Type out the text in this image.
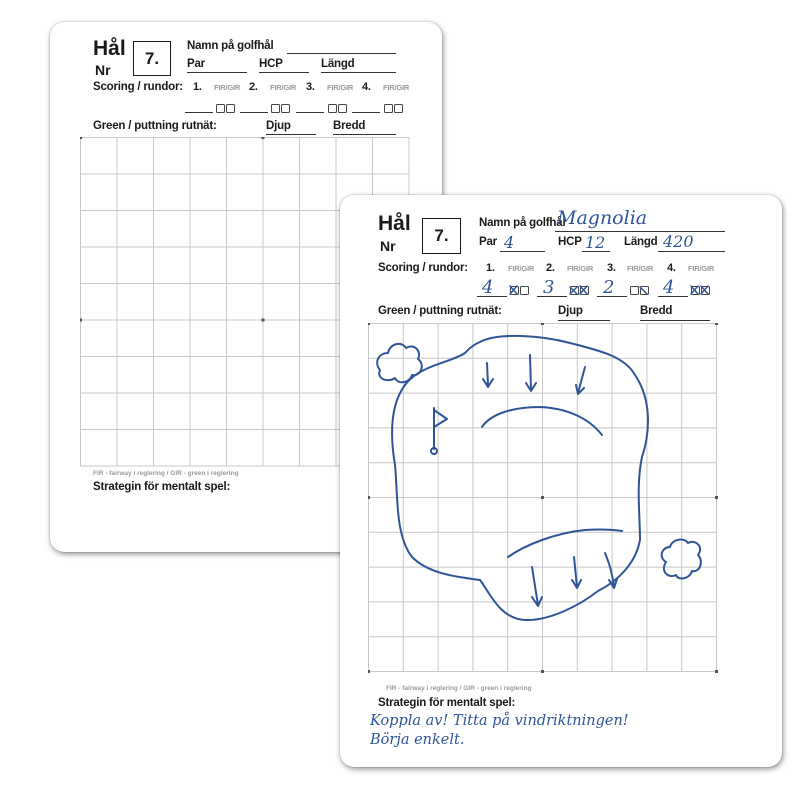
Hål
Nr
7.
Namn på golfhål
Par	HCP	Längd
Scoring / rundor: 1. FIR/GIR 2. FIR/GIR 3. FIR/GIR 4. FIR/GIR
Green / puttning rutnät:	Djup	Bredd
FIR - fairway i reglering / GIR - green i reglering
Strategin för mentalt spel:
Hål
Nr
7.
Namn på golfhål
Magnolia
Par 4	HCP 12 Längd 420
Scoring / rundor: 1. FIR/GIR 2. FIR/GIR 3. FIR/GIR 4. FIR/GIR
4	3	2	4
Green / puttning rutnät:	Djup	Bredd
FIR - fairway i reglering / GIR - green i reglering
Strategin för mentalt spel:
Koppla av! Titta på vindriktningen!
Börja enkelt.
